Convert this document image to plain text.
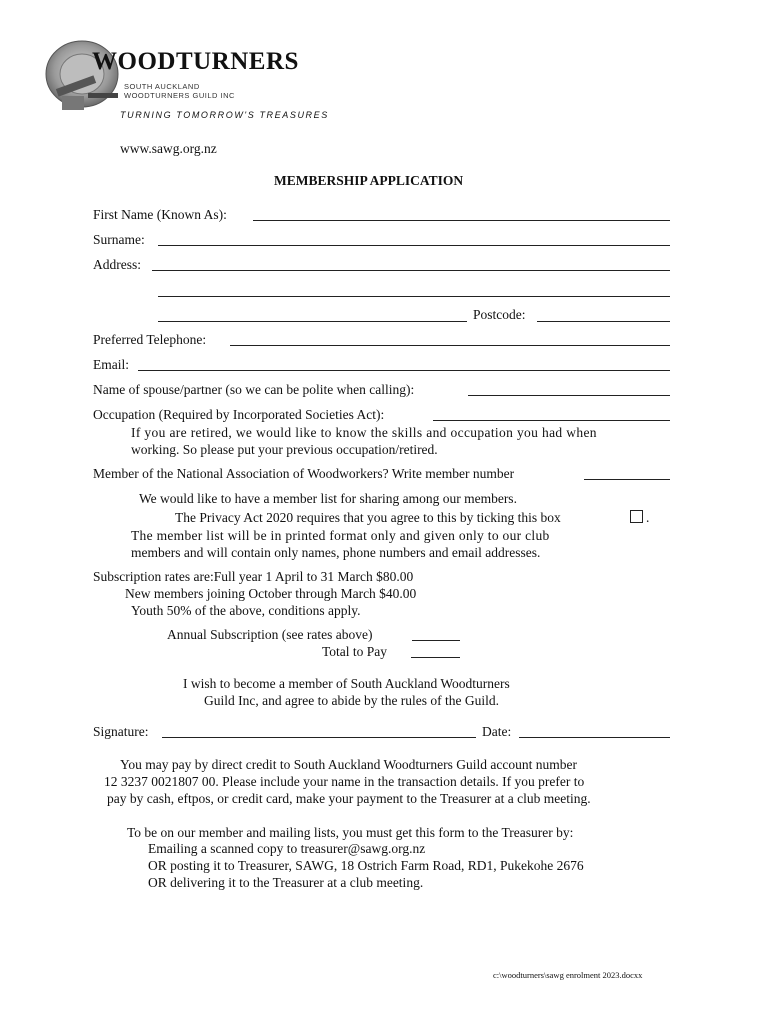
WOODTURNERS
SOUTH AUCKLAND
WOODTURNERS GUILD INC
TURNING TOMORROW'S TREASURES
www.sawg.org.nz
MEMBERSHIP APPLICATION
First Name (Known As):
Surname:
Address:
Postcode:
Preferred Telephone:
Email:
Name of spouse/partner (so we can be polite when calling):
Occupation (Required by Incorporated Societies Act):
If you are retired, we would like to know the skills and occupation you had when
working. So please put your previous occupation/retired.
Member of the National Association of Woodworkers? Write member number
We would like to have a member list for sharing among our members.
The Privacy Act 2020 requires that you agree to this by ticking this box	.
The member list will be in printed format only and given only to our club
members and will contain only names, phone numbers and email addresses.
Subscription rates are:Full year 1 April to 31 March $80.00
New members joining October through March $40.00
Youth 50% of the above, conditions apply.
Annual Subscription (see rates above)
Total to Pay
I wish to become a member of South Auckland Woodturners
Guild Inc, and agree to abide by the rules of the Guild.
Signature:	Date:
You may pay by direct credit to South Auckland Woodturners Guild account number
12 3237 0021807 00. Please include your name in the transaction details. If you prefer to
pay by cash, eftpos, or credit card, make your payment to the Treasurer at a club meeting.
To be on our member and mailing lists, you must get this form to the Treasurer by:
Emailing a scanned copy to treasurer@sawg.org.nz
OR posting it to Treasurer, SAWG, 18 Ostrich Farm Road, RD1, Pukekohe 2676
OR delivering it to the Treasurer at a club meeting.
c:\woodturners\sawg enrolment 2023.docxx
